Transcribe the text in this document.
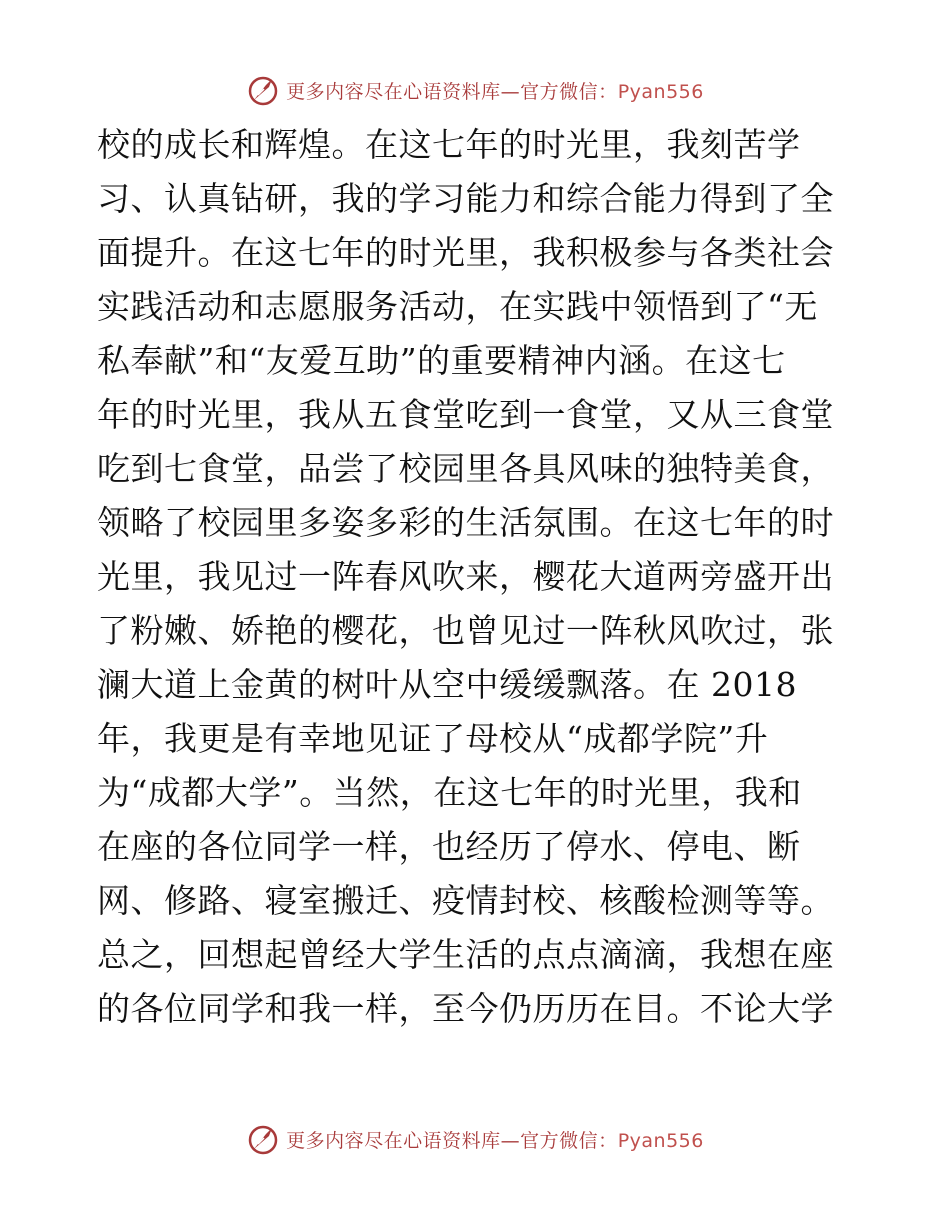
更多内容尽在心语资料库—官方微信：Pyan556
校的成长和辉煌。在这七年的时光里，我刻苦学
习、认真钻研，我的学习能力和综合能力得到了全
面提升。在这七年的时光里，我积极参与各类社会
实践活动和志愿服务活动，在实践中领悟到了“无
私奉献”和“友爱互助”的重要精神内涵。在这七
年的时光里，我从五食堂吃到一食堂，又从三食堂
吃到七食堂，品尝了校园里各具风味的独特美食，
领略了校园里多姿多彩的生活氛围。在这七年的时
光里，我见过一阵春风吹来，樱花大道两旁盛开出
了粉嫩、娇艳的樱花，也曾见过一阵秋风吹过，张
澜大道上金黄的树叶从空中缓缓飘落。在 2018
年，我更是有幸地见证了母校从“成都学院”升
为“成都大学”。当然，在这七年的时光里，我和
在座的各位同学一样，也经历了停水、停电、断
网、修路、寝室搬迁、疫情封校、核酸检测等等。
总之，回想起曾经大学生活的点点滴滴，我想在座
的各位同学和我一样，至今仍历历在目。不论大学
更多内容尽在心语资料库—官方微信：Pyan556
